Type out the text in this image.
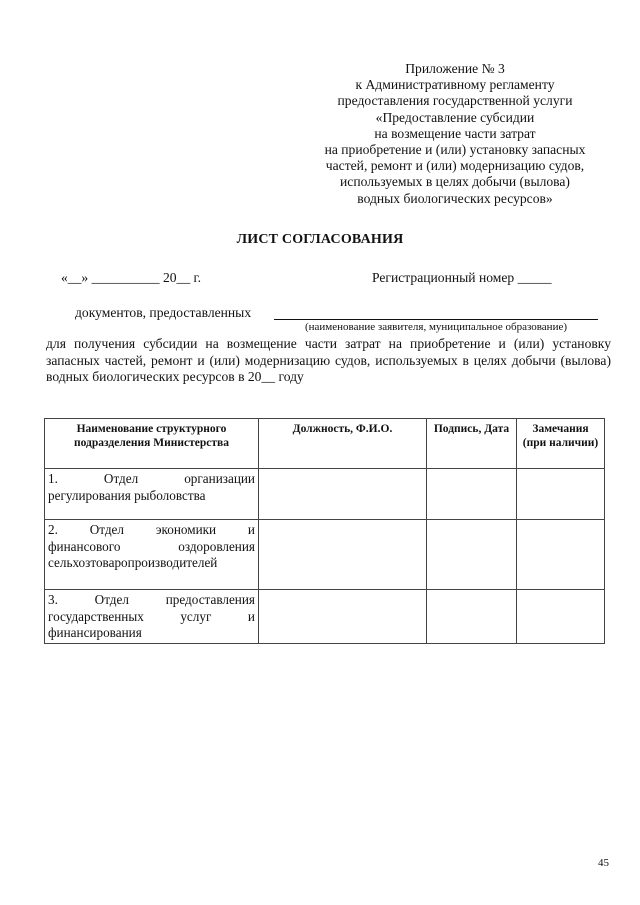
Приложение № 3
к Административному регламенту
предоставления государственной услуги
«Предоставление субсидии
на возмещение части затрат
на приобретение и (или) установку запасных
частей, ремонт и (или) модернизацию судов,
используемых в целях добычи (вылова)
водных биологических ресурсов»
ЛИСТ СОГЛАСОВАНИЯ
«__» __________ 20__ г.	Регистрационный номер _____
документов, предоставленных
(наименование заявителя, муниципальное образование)
для получения субсидии на возмещение части затрат на приобретение и (или) установку запасных частей, ремонт и (или) модернизацию судов, используемых в целях добычи (вылова) водных биологических ресурсов в 20__ году
Наименование структурного подразделения Министерства	Должность, Ф.И.О.	Подпись, Дата	Замечания (при наличии)

1. Отдел организации
регулирования рыболовства			

2. Отдел экономики и
финансового оздоровления сельхозтоваропроизводителей			

3. Отдел предоставления государственных услуг и
финансирования			

45
